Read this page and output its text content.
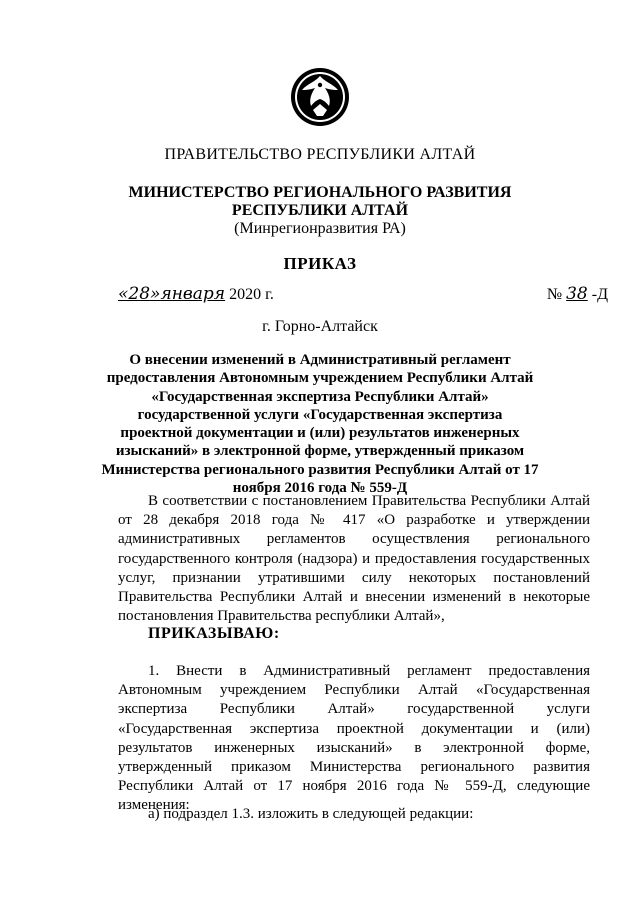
ПРАВИТЕЛЬСТВО РЕСПУБЛИКИ АЛТАЙ
МИНИСТЕРСТВО РЕГИОНАЛЬНОГО РАЗВИТИЯ
РЕСПУБЛИКИ АЛТАЙ
(Минрегионразвития РА)
ПРИКАЗ
«28»января 2020 г.	№ 38 -Д
г. Горно-Алтайск
О внесении изменений в Административный регламент предоставления Автономным учреждением Республики Алтай «Государственная экспертиза Республики Алтай» государственной услуги «Государственная экспертиза проектной документации и (или) результатов инженерных изысканий» в электронной форме, утвержденный приказом Министерства регионального развития Республики Алтай от 17 ноября 2016 года № 559-Д
В соответствии с постановлением Правительства Республики Алтай от 28 декабря 2018 года № 417 «О разработке и утверждении административных регламентов осуществления регионального государственного контроля (надзора) и предоставления государственных услуг, признании утратившими силу некоторых постановлений Правительства Республики Алтай и внесении изменений в некоторые постановления Правительства республики Алтай»,
ПРИКАЗЫВАЮ:
1. Внести в Административный регламент предоставления Автономным учреждением Республики Алтай «Государственная экспертиза Республики Алтай» государственной услуги «Государственная экспертиза проектной документации и (или) результатов инженерных изысканий» в электронной форме, утвержденный приказом Министерства регионального развития Республики Алтай от 17 ноября 2016 года № 559-Д, следующие изменения:
а) подраздел 1.3. изложить в следующей редакции:
